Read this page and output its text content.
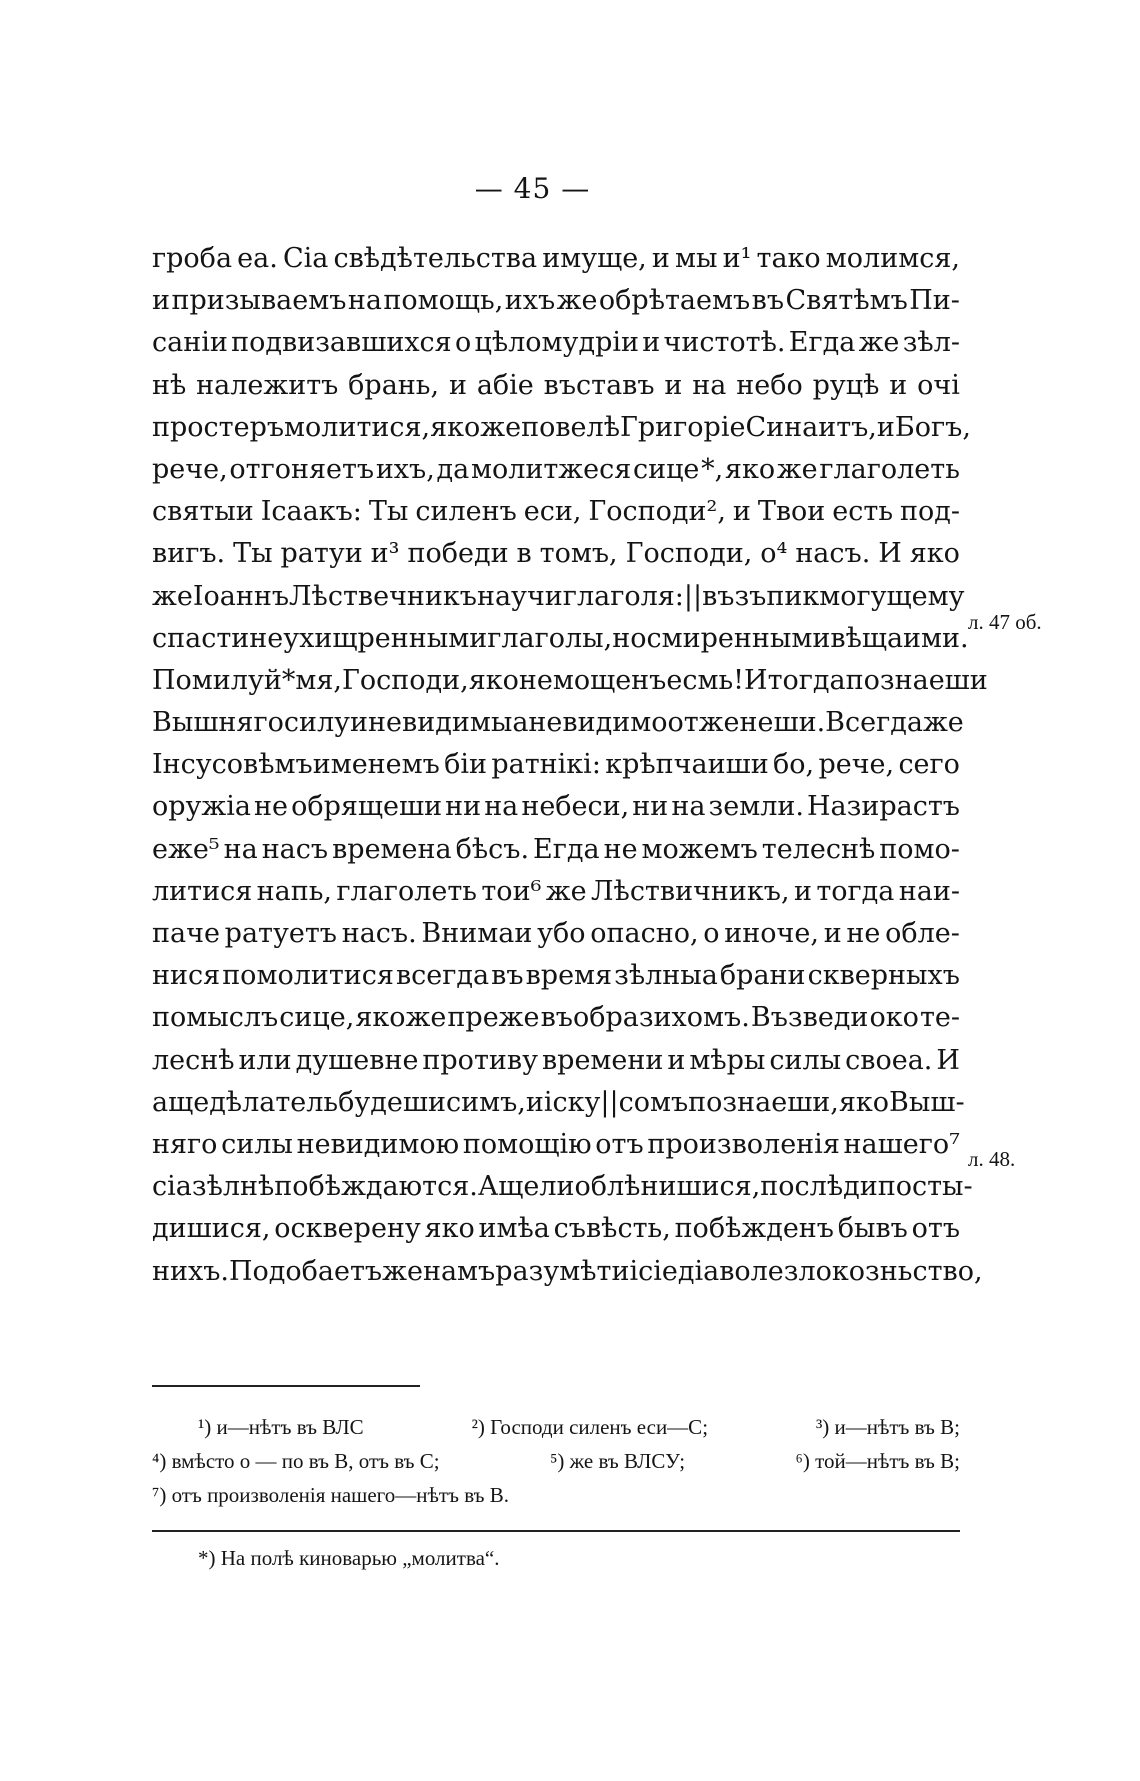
— 45 —
гроба еа. Сіа свѣдѣтельства имуще, и мы и¹ тако молимся,
и призываемъ на помощь, ихъ же обрѣтаемъ въ Святѣмъ Пи-
саніи подвизавшихся о цѣломудріи и чистотѣ. Егда же зѣл-
нѣ належитъ брань, и абіе въставъ и на небо руцѣ и очі
простеръ молитися, якоже повелѣ Григоріе Синаитъ, и Богъ,
рече, отгоняетъ ихъ, да молитжеся сице *, яко же глаголеть
святыи Ісаакъ: Ты силенъ еси, Господи², и Твои есть под-
вигъ. Ты ратуи и³ победи в томъ, Господи, о⁴ насъ. И яко
же Іоаннъ Лѣствечникъ научи глаголя: || възъпи к могущему
спасти неухищренными глаголы, но смиренными вѣщаими.
Помилуй * мя, Господи, яко немощенъ есмь! И тогда познаеши
Вышняго силу и невидимыа невидимо отженеши. Всегда же
Інсусовѣмъименемъ біи ратнікі: крѣпчаиши бо, рече, сего
оружіа не обрящеши ни на небеси, ни на земли. Назирастъ
еже⁵ на насъ времена бѣсъ. Егда не можемъ телеснѣ помо-
литися напь, глаголеть тои⁶ же Лѣствичникъ, и тогда наи-
паче ратуетъ насъ. Внимаи убо опасно, о иноче, и не обле-
нися помолитися всегда въ время зѣлныа брани скверныхъ
помыслъ сице, якоже преже въобразихомъ. Възведи око те-
леснѣ или душевне противу времени и мѣры силы своеа. И
аще дѣлатель будеши симъ, и іску||сомъ познаеши, яко Выш-
няго силы невидимою помощію отъ произволенія нашего⁷
сіа зѣлнѣ побѣждаются. Аще ли облѣнишися, послѣди посты-
дишися, оскверену яко имѣа съвѣсть, побѣжденъ бывъ отъ
нихъ. Подобаетъ же намъ разумѣти і сіе діаволе злокозньство,
л. 47 об.
л. 48.
¹) и—нѣтъ въ ВЛС	²) Господи силенъ еси—С;	³) и—нѣтъ въ В;
⁴) вмѣсто о — по въ В, отъ въ С;	⁵) же въ ВЛСУ;	⁶) той—нѣтъ въ В;
⁷) отъ произволенія нашего—нѣтъ въ В.
*) На полѣ киноварью „молитва“.
